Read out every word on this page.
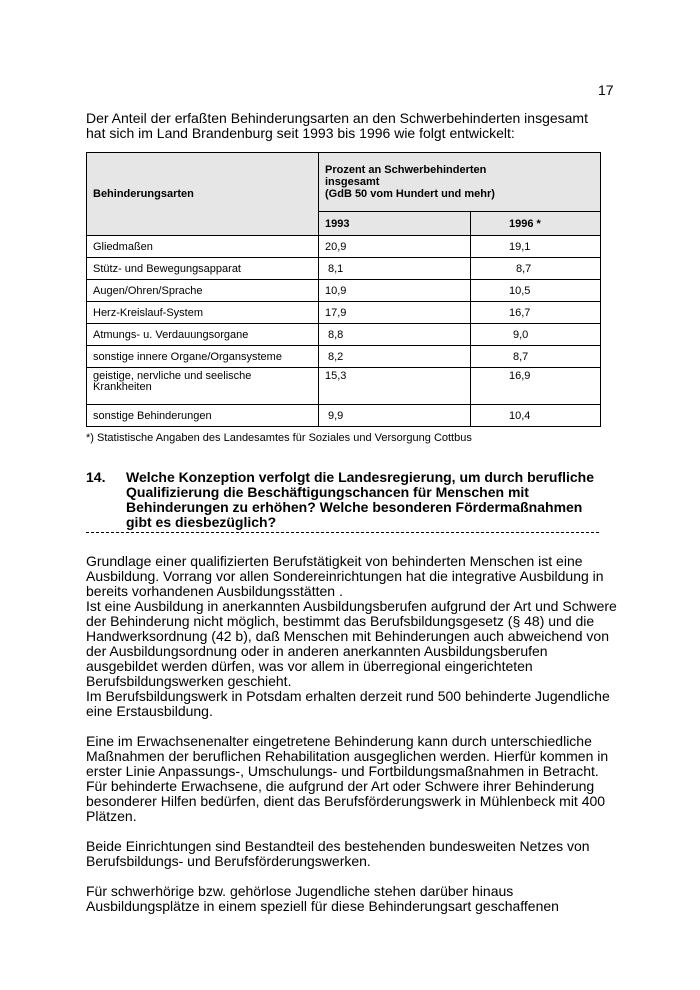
17
Der Anteil der erfaßten Behinderungsarten an den Schwerbehinderten insgesamt hat sich im Land Brandenburg seit 1993 bis 1996 wie folgt entwickelt:
Behinderungsarten	Prozent an Schwerbehinderten
insgesamt
(GdB 50 vom Hundert und mehr)	

	1993	1996 *
Gliedmaßen	20,9	19,1
Stütz- und Bewegungsapparat	8,1	8,7
Augen/Ohren/Sprache	10,9	10,5
Herz-Kreislauf-System	17,9	16,7
Atmungs- u. Verdauungsorgane	8,8	9,0
sonstige innere Organe/Organsysteme	8,2	8,7
geistige, nervliche und seelische Krankheiten	15,3	16,9
sonstige Behinderungen	9,9	10,4
*) Statistische Angaben des Landesamtes für Soziales und Versorgung Cottbus
14. Welche Konzeption verfolgt die Landesregierung, um durch berufliche Qualifizierung die Beschäftigungschancen für Menschen mit Behinderungen zu erhöhen? Welche besonderen Fördermaßnahmen gibt es diesbezüglich?

Grundlage einer qualifizierten Berufstätigkeit von behinderten Menschen ist eine Ausbildung. Vorrang vor allen Sondereinrichtungen hat die integrative Ausbildung in bereits vorhandenen Ausbildungsstätten .
Ist eine Ausbildung in anerkannten Ausbildungsberufen aufgrund der Art und Schwere der Behinderung nicht möglich, bestimmt das Berufsbildungsgesetz (§ 48) und die Handwerksordnung (42 b), daß Menschen mit Behinderungen auch abweichend von der Ausbildungsordnung oder in anderen anerkannten Ausbildungsberufen ausgebildet werden dürfen, was vor allem in überregional eingerichteten Berufsbildungswerken geschieht.
Im Berufsbildungswerk in Potsdam erhalten derzeit rund 500 behinderte Jugendliche eine Erstausbildung.

Eine im Erwachsenenalter eingetretene Behinderung kann durch unterschiedliche Maßnahmen der beruflichen Rehabilitation ausgeglichen werden. Hierfür kommen in erster Linie Anpassungs-, Umschulungs- und Fortbildungsmaßnahmen in Betracht. Für behinderte Erwachsene, die aufgrund der Art oder Schwere ihrer Behinderung besonderer Hilfen bedürfen, dient das Berufsförderungswerk in Mühlenbeck mit 400 Plätzen.

Beide Einrichtungen sind Bestandteil des bestehenden bundesweiten Netzes von Berufsbildungs- und Berufsförderungswerken.

Für schwerhörige bzw. gehörlose Jugendliche stehen darüber hinaus Ausbildungsplätze in einem speziell für diese Behinderungsart geschaffenen
